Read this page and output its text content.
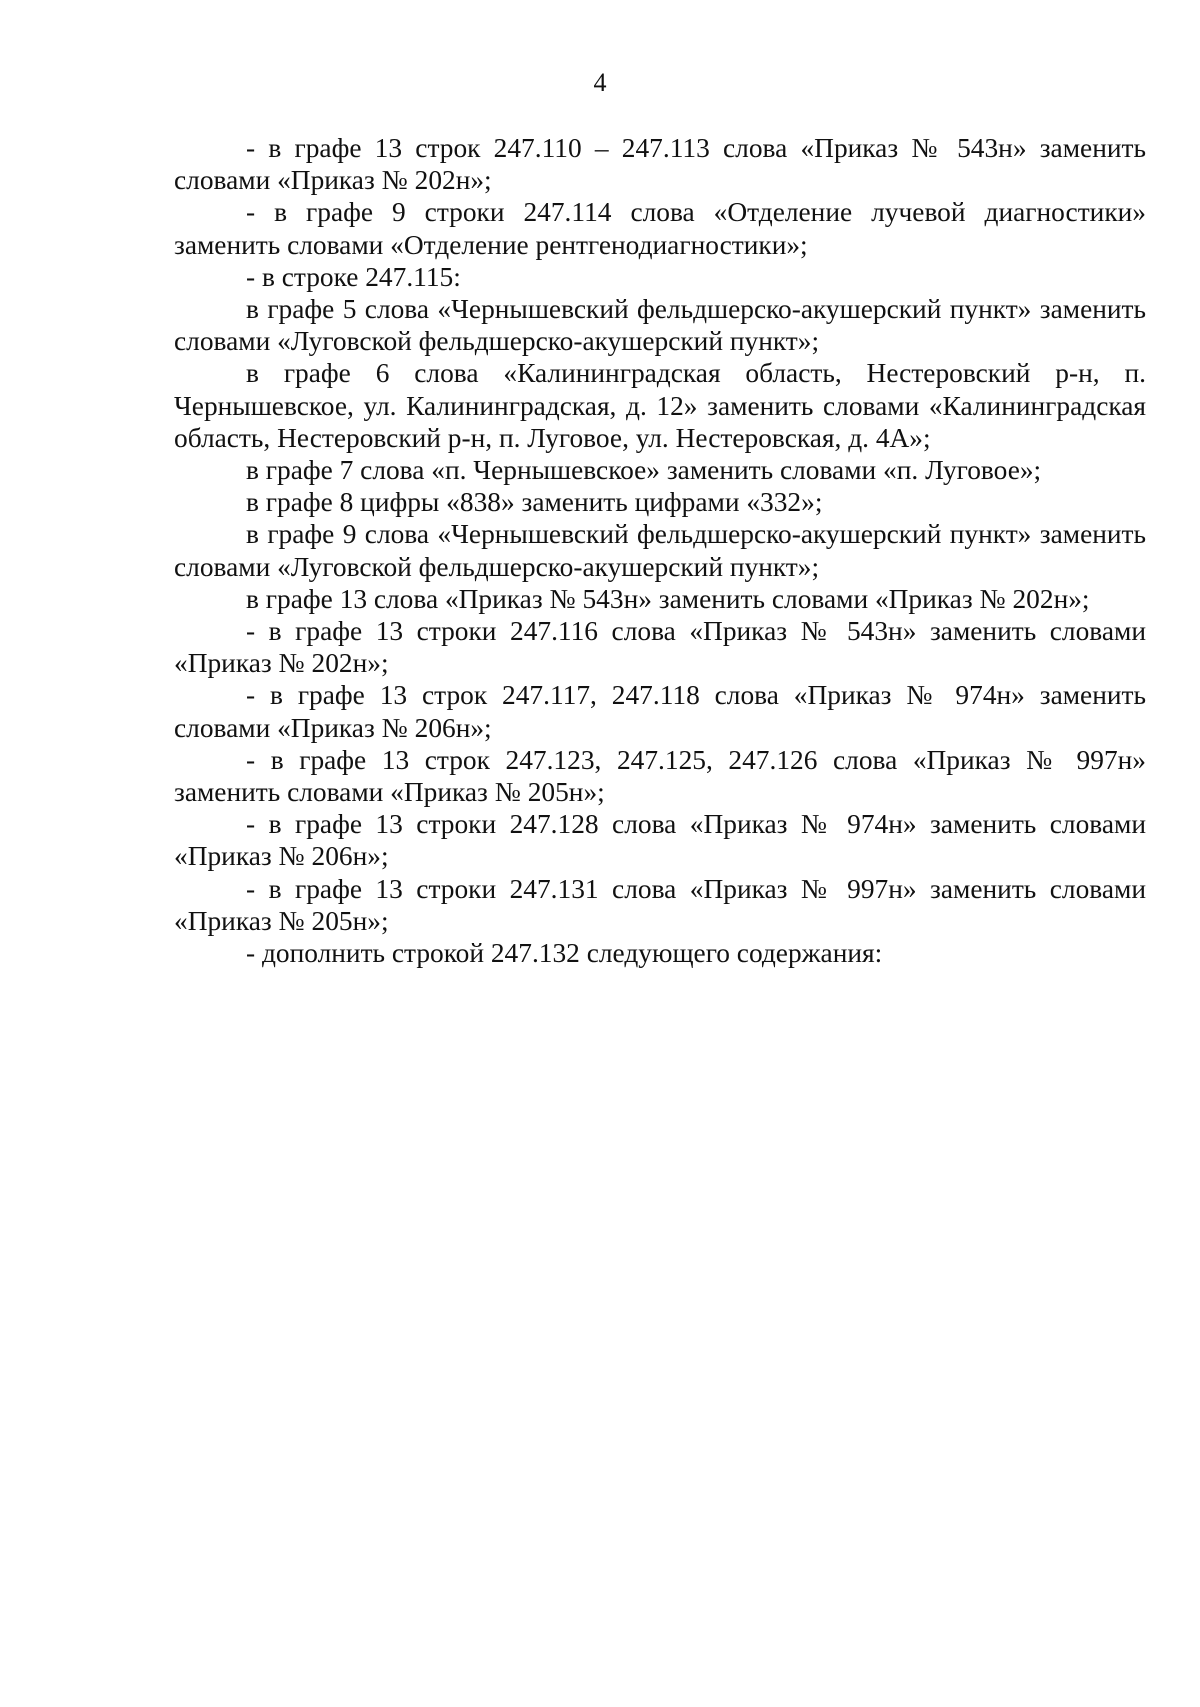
4

- в графе 13 строк 247.110 – 247.113 слова «Приказ № 543н» заменить словами «Приказ № 202н»;

- в графе 9 строки 247.114 слова «Отделение лучевой диагностики» заменить словами «Отделение рентгенодиагностики»;

- в строке 247.115:

в графе 5 слова «Чернышевский фельдшерско-акушерский пункт» заменить словами «Луговской фельдшерско-акушерский пункт»;

в графе 6 слова «Калининградская область, Нестеровский р-н, п. Чернышевское, ул. Калининградская, д. 12» заменить словами «Калининградская область, Нестеровский р-н, п. Луговое, ул. Нестеровская, д. 4А»;

в графе 7 слова «п. Чернышевское» заменить словами «п. Луговое»;

в графе 8 цифры «838» заменить цифрами «332»;

в графе 9 слова «Чернышевский фельдшерско-акушерский пункт» заменить словами «Луговской фельдшерско-акушерский пункт»;

в графе 13 слова «Приказ № 543н» заменить словами «Приказ № 202н»;

- в графе 13 строки 247.116 слова «Приказ № 543н» заменить словами «Приказ № 202н»;

- в графе 13 строк 247.117, 247.118 слова «Приказ № 974н» заменить словами «Приказ № 206н»;

- в графе 13 строк 247.123, 247.125, 247.126 слова «Приказ № 997н» заменить словами «Приказ № 205н»;

- в графе 13 строки 247.128 слова «Приказ № 974н» заменить словами «Приказ № 206н»;

- в графе 13 строки 247.131 слова «Приказ № 997н» заменить словами «Приказ № 205н»;

- дополнить строкой 247.132 следующего содержания:
